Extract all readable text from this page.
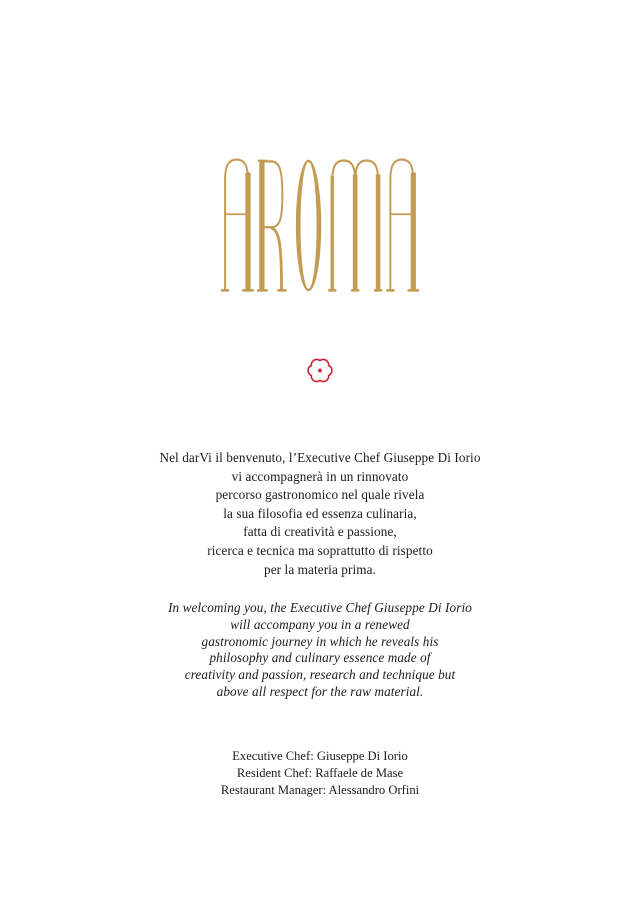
Nel darVi il benvenuto, l’Executive Chef Giuseppe Di Iorio
vi accompagnerà in un rinnovato
percorso gastronomico nel quale rivela
la sua filosofia ed essenza culinaria,
fatta di creatività e passione,
ricerca e tecnica ma soprattutto di rispetto
per la materia prima.
In welcoming you, the Executive Chef Giuseppe Di Iorio
will accompany you in a renewed
gastronomic journey in which he reveals his
philosophy and culinary essence made of
creativity and passion, research and technique but
above all respect for the raw material.
Executive Chef: Giuseppe Di Iorio
Resident Chef: Raffaele de Mase
Restaurant Manager: Alessandro Orfini
